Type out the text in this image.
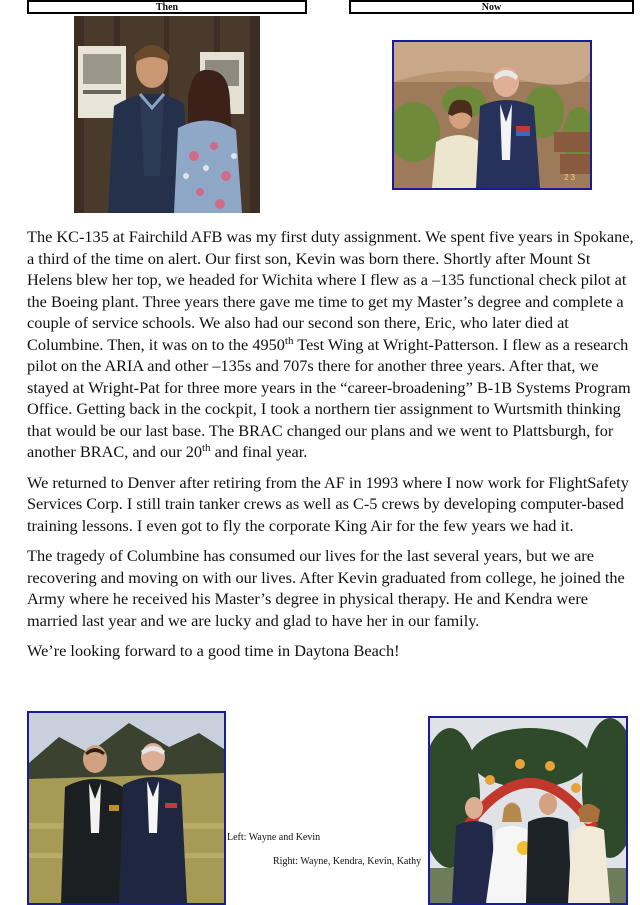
Then	Now
2 3

The KC-135 at Fairchild AFB was my first duty assignment. We spent five years in Spokane, a third of the time on alert. Our first son, Kevin was born there. Shortly after Mount St Helens blew her top, we headed for Wichita where I flew as a –135 functional check pilot at the Boeing plant. Three years there gave me time to get my Master’s degree and complete a couple of service schools. We also had our second son there, Eric, who later died at Columbine. Then, it was on to the 4950th Test Wing at Wright-Patterson. I flew as a research pilot on the ARIA and other –135s and 707s there for another three years. After that, we stayed at Wright-Pat for three more years in the “career-broadening” B-1B Systems Program Office. Getting back in the cockpit, I took a northern tier assignment to Wurtsmith thinking that would be our last base. The BRAC changed our plans and we went to Plattsburgh, for another BRAC, and our 20th and final year.

We returned to Denver after retiring from the AF in 1993 where I now work for FlightSafety Services Corp. I still train tanker crews as well as C-5 crews by developing computer-based training lessons. I even got to fly the corporate King Air for the few years we had it.

The tragedy of Columbine has consumed our lives for the last several years, but we are recovering and moving on with our lives. After Kevin graduated from college, he joined the Army where he received his Master’s degree in physical therapy. He and Kendra were married last year and we are lucky and glad to have her in our family.

We’re looking forward to a good time in Daytona Beach!

Left: Wayne and Kevin
Right: Wayne, Kendra, Kevin, Kathy
